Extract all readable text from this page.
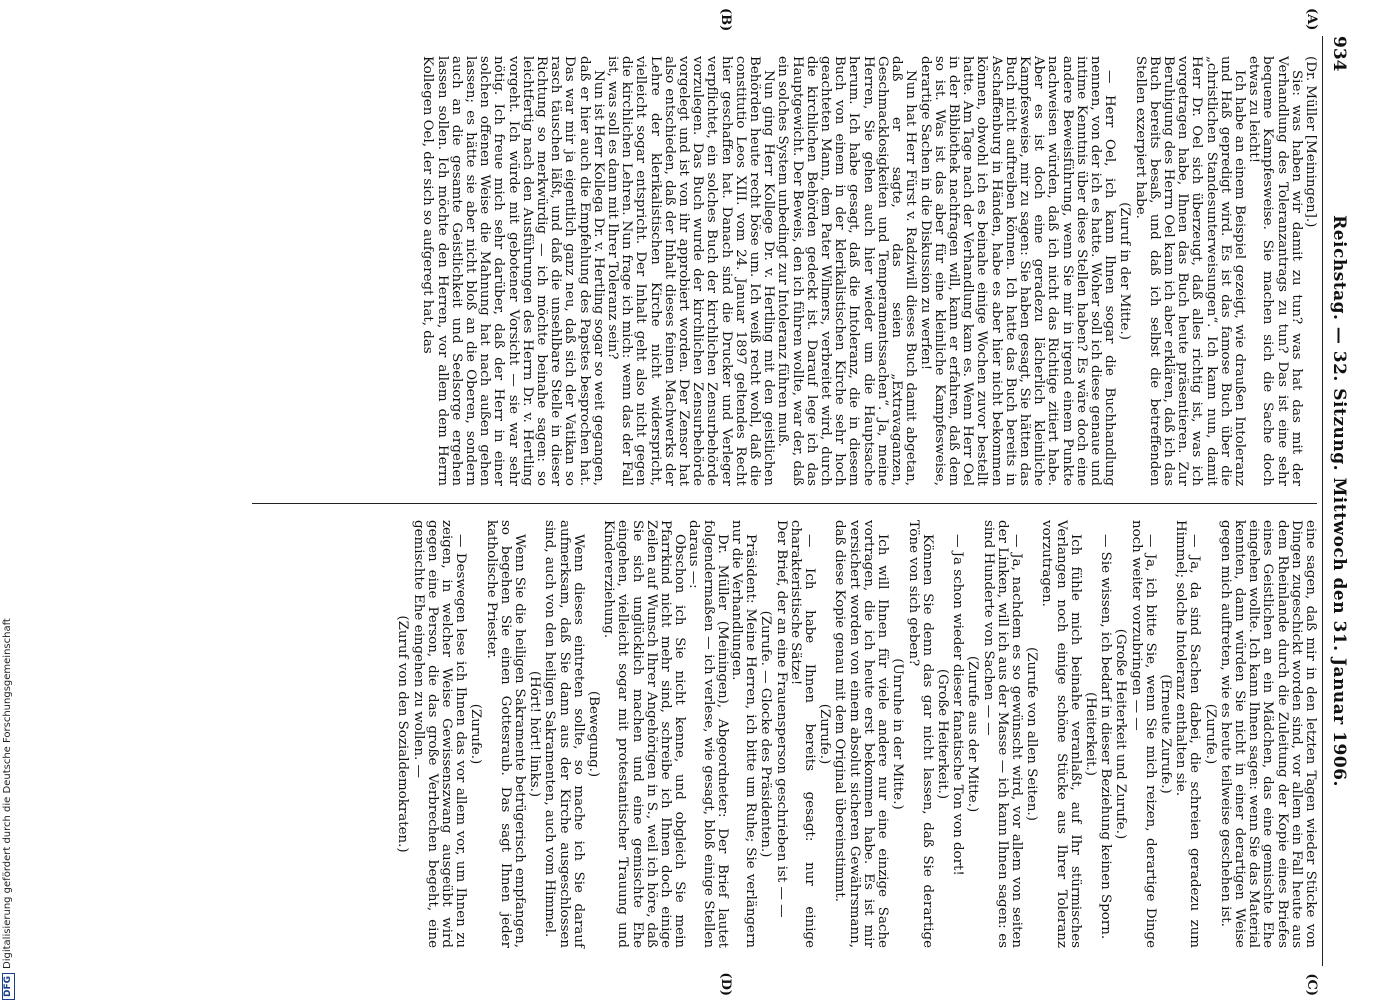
934
Reichstag. — 32. Sitzung. Mittwoch den 31. Januar 1906.
(A)
(B)
(C)
(D)

(Dr. Müller [Meiningen].)

Sie: was haben wir damit zu tun? was hat das mit der Verhandlung des Toleranzantrags zu tun? Das ist eine sehr bequeme Kampfesweise. Sie machen sich die Sache doch etwas zu leicht!

Ich habe an einem Beispiel gezeigt, wie draußen Intoleranz und Haß gepredigt wird. Es ist das famose Buch über die „christlichen Standesunterweisungen“. Ich kann nun, damit Herr Dr. Oel sich überzeugt, daß alles richtig ist, was ich vorgetragen habe, Ihnen das Buch heute präsentieren. Zur Beruhigung des Herrn Oel kann ich aber erklären, daß ich das Buch bereits besaß, und daß ich selbst die betreffenden Stellen exzerpiert habe.

(Zuruf in der Mitte.)

— Herr Oel, ich kann Ihnen sogar die Buchhandlung nennen, von der ich es hatte. Woher soll ich diese genaue und intime Kenntnis über diese Stellen haben? Es wäre doch eine andere Beweisführung, wenn Sie mir in irgend einem Punkte nachweisen würden, daß ich nicht das Richtige zitiert habe. Aber es ist doch eine geradezu lächerlich kleinliche Kampfesweise, mir zu sagen: Sie haben gesagt, Sie hätten das Buch nicht auftreiben können. Ich hatte das Buch bereits in Aschaffenburg in Händen, habe es aber hier nicht bekommen können, obwohl ich es beinahe einige Wochen zuvor bestellt hatte. Am Tage nach der Verhandlung kam es. Wenn Herr Oel in der Bibliothek nachfragen will, kann er erfahren, daß dem so ist. Was ist das aber für eine kleinliche Kampfesweise, derartige Sachen in die Diskussion zu werfen!

Nun hat Herr Fürst v. Radziwill dieses Buch damit abgetan, daß er sagte, das seien „Extravaganzen, Geschmacklosigkeiten und Temperamentssachen“. Ja, meine Herren, Sie gehen auch hier wieder um die Hauptsache herum. Ich habe gesagt, daß die Intoleranz, die in diesem Buch von einem in der klerikalistischen Kirche sehr hoch geachteten Mann, dem Pater Wilmers, verbreitet wird, durch die kirchlichen Behörden gedeckt ist. Darauf lege ich das Hauptgewicht. Der Beweis, den ich führen wollte, war der, daß ein solches System unbedingt zur Intoleranz führen muß.

Nun ging Herr Kollege Dr. v. Hertling mit den geistlichen Behörden heute recht böse um. Ich weiß recht wohl, daß die constitutio Leos XIII. vom 24. Januar 1897 geltendes Recht hier geschaffen hat. Danach sind die Drucker und Verleger verpflichtet, ein solches Buch der kirchlichen Zensurbehörde vorzulegen. Das Buch wurde der kirchlichen Zensurbehörde vorgelegt und ist von ihr approbiert worden. Der Zensor hat also entschieden, daß der Inhalt dieses feinen Machwerks der Lehre der klerikalistischen Kirche nicht widerspricht, vielleicht sogar entspricht. Der Inhalt geht also nicht gegen die kirchlichen Lehren. Nun frage ich mich: wenn das der Fall ist, was soll es dann mit Ihrer Toleranz sein?

Nun ist Herr Kollega Dr. v. Hertling sogar so weit gegangen, daß er hier auch die Empfehlung des Papstes besprochen hat. Das war mir ja eigentlich ganz neu, daß sich der Vatikan so rasch täuschen läßt, und daß die unsehlbare Stelle in dieser Richtung so merkwürdig — ich möchte beinahe sagen: so leichtfertig nach den Ausführungen des Herrn Dr. v. Hertling vorgeht. Ich würde mit gebotener Vorsicht — sie war sehr nötig. Ich freue mich sehr darüber, daß der Herr in einer solchen offenen Weise die Mahnung hat nach außen gehen lassen; es hätte sie aber nicht bloß an die Oberen, sondern auch an die gesamte Geistlichkeit und Seelsorge ergehen lassen sollen. Ich möchte den Herren, vor allem dem Herrn Kollegen Oel, der sich so aufgeregt hat, das

eine sagen, daß mir in den letzten Tagen wieder Stücke von Dingen zugeschickt worden sind, vor allem ein Fall heute aus dem Rheinlande durch die Zuleitung der Kopie eines Briefes eines Geistlichen an ein Mädchen, das eine gemischte Ehe eingehen wollte. Ich kann Ihnen sagen: wenn Sie das Material kennten, dann würden Sie nicht in einer derartigen Weise gegen mich auftreten, wie es heute teilweise geschehen ist.

(Zurufe.)

— Ja, da sind Sachen dabei, die schreien geradezu zum Himmel; solche Intoleranz enthalten sie.

(Erneute Zurufe.)

— Ja, ich bitte Sie, wenn Sie mich reizen, derartige Dinge noch weiter vorzubringen — —

(Große Heiterkeit und Zurufe.)

— Sie wissen, ich bedarf in dieser Beziehung keinen Sporn.

(Heiterkeit.)

Ich fühle mich beinahe veranlaßt, auf Ihr stürmisches Verlangen noch einige schöne Stücke aus Ihrer Toleranz vorzutragen.

(Zurufe von allen Seiten.)

— Ja, nachdem es so gewünscht wird, vor allem von seiten der Linken, will ich aus der Masse — ich kann Ihnen sagen: es sind Hunderte von Sachen — —

(Zurufe aus der Mitte.)

— Ja schon wieder dieser fanatische Ton von dort!

(Große Heiterkeit.)

Können Sie denn das gar nicht lassen, daß Sie derartige Töne von sich geben?

(Unruhe in der Mitte.)

Ich will Ihnen für viele andere nur eine einzige Sache vortragen, die ich heute erst bekommen habe. Es ist mir versichert worden von einem absolut sicheren Gewährsmann, daß diese Kopie genau mit dem Original übereinstimmt.

(Zurufe.)

— Ich habe Ihnen bereits gesagt: nur einige charakteristische Sätze!

Der Brief, der an eine Frauensperson geschrieben ist — —

(Zurufe. — Glocke des Präsidenten.)

Präsident: Meine Herren, ich bitte um Ruhe; Sie verlängern nur die Verhandlungen.

Dr. Müller (Meiningen), Abgeordneter: Der Brief lautet folgendermaßen — ich verlese, wie gesagt, bloß einige Stellen daraus —:

Obschon ich Sie nicht kenne, und obgleich Sie mein Pfarrkind nicht mehr sind, schreibe ich Ihnen doch einige Zeilen auf Wunsch Ihrer Angehörigen in S., weil ich höre, daß Sie sich unglücklich machen und eine gemischte Ehe eingehen, vielleicht sogar mit protestantischer Trauung und Kindererziehung.

(Bewegung.)

Wenn dieses eintreten sollte, so mache ich Sie darauf aufmerksam, daß Sie dann aus der Kirche ausgeschlossen sind, auch von den heiligen Sakramenten, auch vom Himmel.

(Hört! hört! links.)

Wenn Sie die heiligen Sakramente betrügerisch empfangen, so begehen Sie einen Gottesraub. Das sagt Ihnen jeder katholische Priester.

(Zurufe.)

— Deswegen lese ich Ihnen das vor allem vor, um Ihnen zu zeigen, in welcher Weise Gewissenszwang ausgeübt wird gegen eine Person, die das große Verbrechen begeht, eine gemischte Ehe eingehen zu wollen. —

(Zuruf von den Sozialdemokraten.)

DFGDigitalisierung gefördert durch die Deutsche Forschungsgemeinschaft
